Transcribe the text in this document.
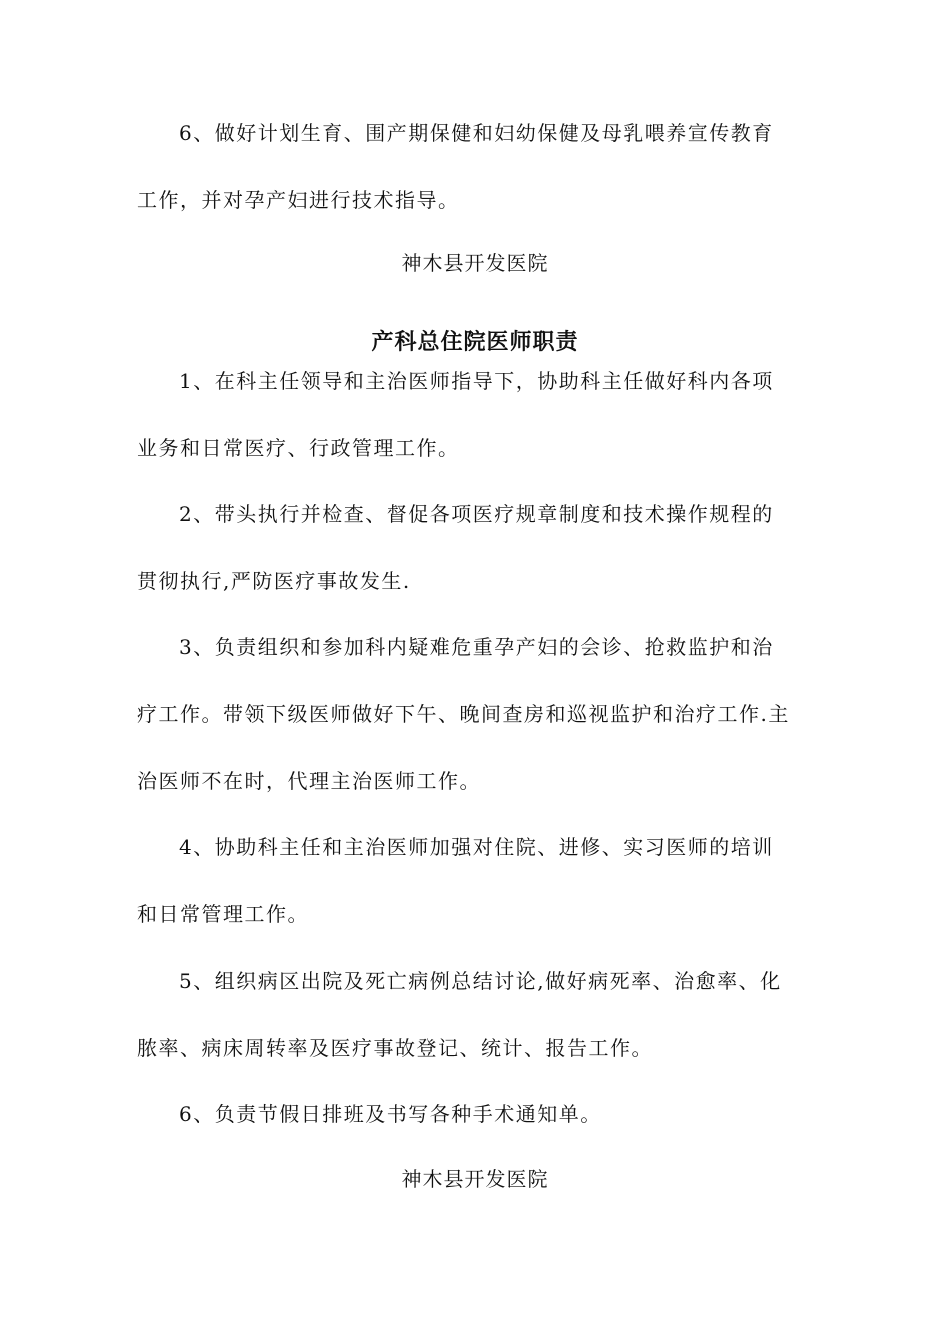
6、做好计划生育、围产期保健和妇幼保健及母乳喂养宣传教育
工作，并对孕产妇进行技术指导。
神木县开发医院
产科总住院医师职责
1、在科主任领导和主治医师指导下，协助科主任做好科内各项
业务和日常医疗、行政管理工作。
2、带头执行并检查、督促各项医疗规章制度和技术操作规程的
贯彻执行,严防医疗事故发生.
3、负责组织和参加科内疑难危重孕产妇的会诊、抢救监护和治
疗工作。带领下级医师做好下午、晚间查房和巡视监护和治疗工作.主
治医师不在时，代理主治医师工作。
4、协助科主任和主治医师加强对住院、进修、实习医师的培训
和日常管理工作。
5、组织病区出院及死亡病例总结讨论,做好病死率、治愈率、化
脓率、病床周转率及医疗事故登记、统计、报告工作。
6、负责节假日排班及书写各种手术通知单。
神木县开发医院
